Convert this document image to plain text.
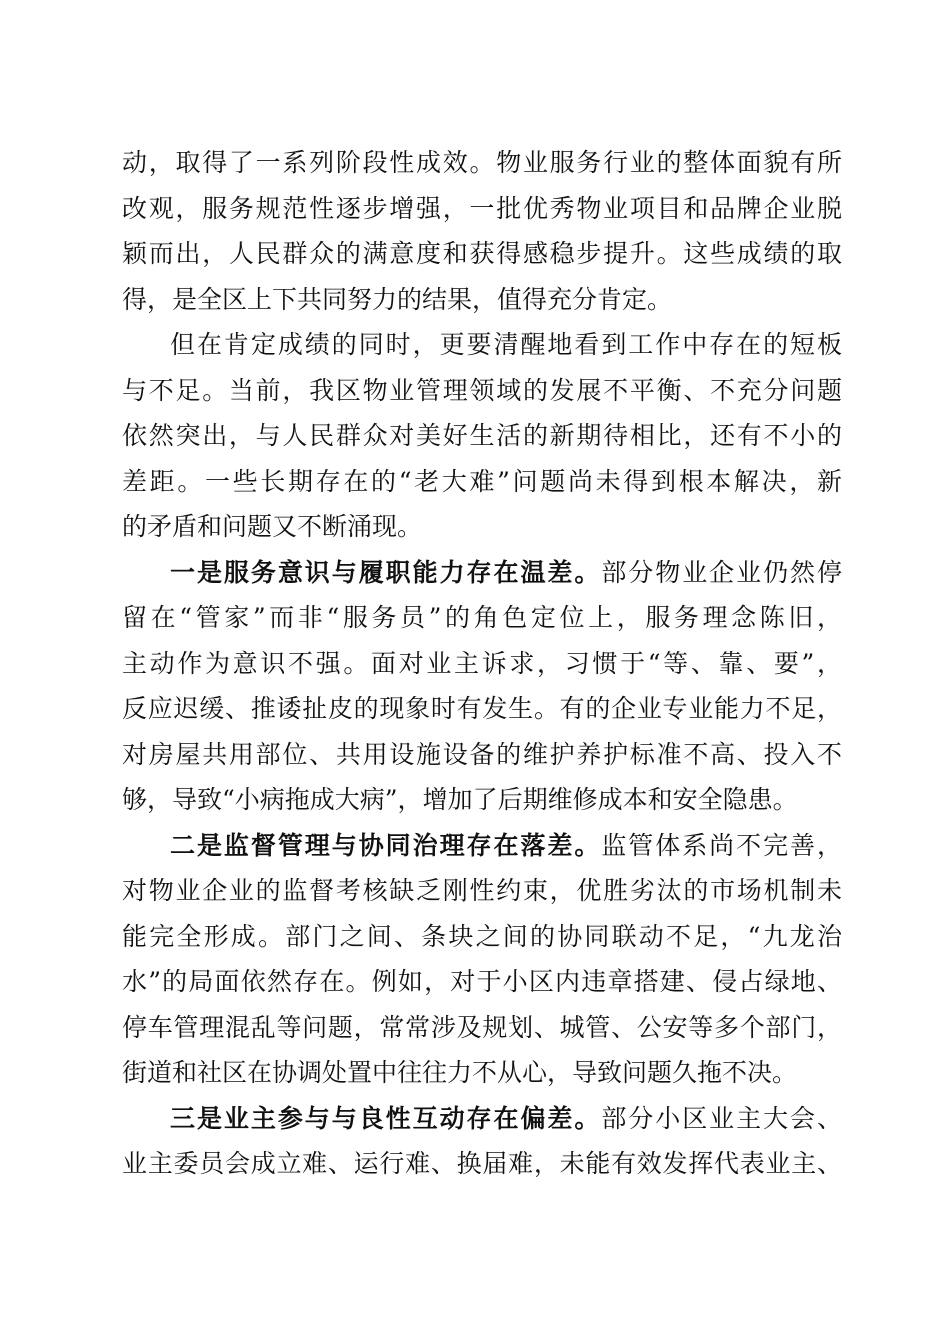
动，取得了一系列阶段性成效。物业服务行业的整体面貌有所
改观，服务规范性逐步增强，一批优秀物业项目和品牌企业脱
颖而出，人民群众的满意度和获得感稳步提升。这些成绩的取
得，是全区上下共同努力的结果，值得充分肯定。
但在肯定成绩的同时，更要清醒地看到工作中存在的短板
与不足。当前，我区物业管理领域的发展不平衡、不充分问题
依然突出，与人民群众对美好生活的新期待相比，还有不小的
差距。一些长期存在的“老大难”问题尚未得到根本解决，新
的矛盾和问题又不断涌现。
一是服务意识与履职能力存在温差。部分物业企业仍然停
留在“管家”而非“服务员”的角色定位上，服务理念陈旧，
主动作为意识不强。面对业主诉求，习惯于“等、靠、要”，
反应迟缓、推诿扯皮的现象时有发生。有的企业专业能力不足，
对房屋共用部位、共用设施设备的维护养护标准不高、投入不
够，导致“小病拖成大病”，增加了后期维修成本和安全隐患。
二是监督管理与协同治理存在落差。监管体系尚不完善，
对物业企业的监督考核缺乏刚性约束，优胜劣汰的市场机制未
能完全形成。部门之间、条块之间的协同联动不足，“九龙治
水”的局面依然存在。例如，对于小区内违章搭建、侵占绿地、
停车管理混乱等问题，常常涉及规划、城管、公安等多个部门，
街道和社区在协调处置中往往力不从心，导致问题久拖不决。
三是业主参与与良性互动存在偏差。部分小区业主大会、
业主委员会成立难、运行难、换届难，未能有效发挥代表业主、
